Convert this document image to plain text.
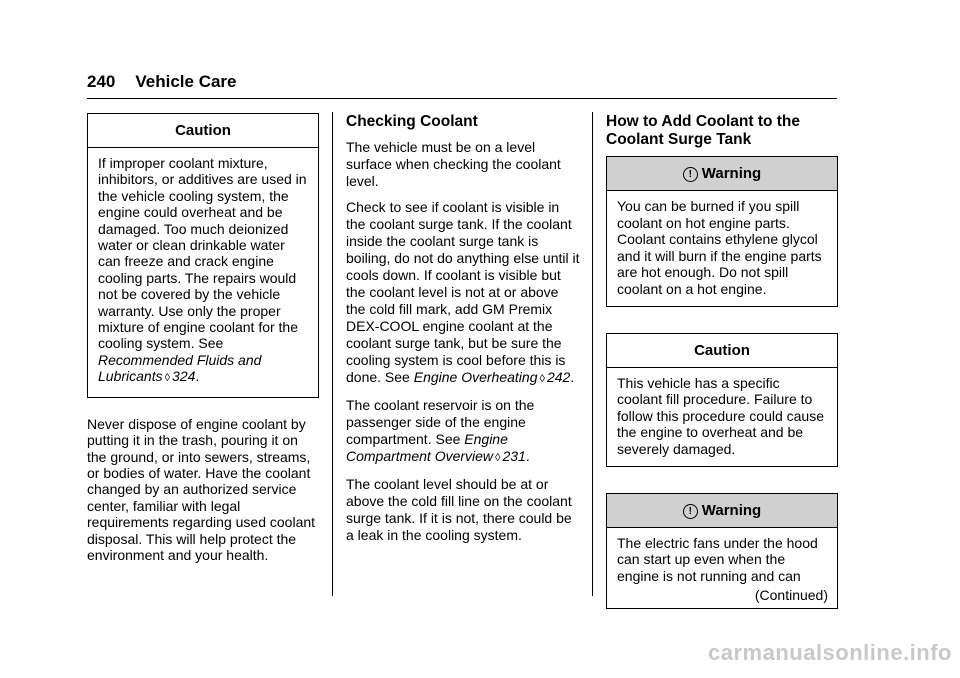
240 Vehicle Care
Caution
If improper coolant mixture, inhibitors, or additives are used in the vehicle cooling system, the engine could overheat and be damaged. Too much deionized water or clean drinkable water can freeze and crack engine cooling parts. The repairs would not be covered by the vehicle warranty. Use only the proper mixture of engine coolant for the cooling system. See Recommended Fluids and Lubricants ◊ 324.

Never dispose of engine coolant by putting it in the trash, pouring it on the ground, or into sewers, streams, or bodies of water. Have the coolant changed by an authorized service center, familiar with legal requirements regarding used coolant disposal. This will help protect the environment and your health.

Checking Coolant

The vehicle must be on a level surface when checking the coolant level.

Check to see if coolant is visible in the coolant surge tank. If the coolant inside the coolant surge tank is boiling, do not do anything else until it cools down. If coolant is visible but the coolant level is not at or above the cold fill mark, add GM Premix DEX-COOL engine coolant at the coolant surge tank, but be sure the cooling system is cool before this is done. See Engine Overheating ◊ 242.

The coolant reservoir is on the passenger side of the engine compartment. See Engine Compartment Overview ◊ 231.

The coolant level should be at or above the cold fill line on the coolant surge tank. If it is not, there could be a leak in the cooling system.

How to Add Coolant to the Coolant Surge Tank
! Warning
You can be burned if you spill coolant on hot engine parts. Coolant contains ethylene glycol and it will burn if the engine parts are hot enough. Do not spill coolant on a hot engine.
Caution
This vehicle has a specific coolant fill procedure. Failure to follow this procedure could cause the engine to overheat and be severely damaged.
! Warning
The electric fans under the hood can start up even when the engine is not running and can
(Continued)
carmanualsonline.info
